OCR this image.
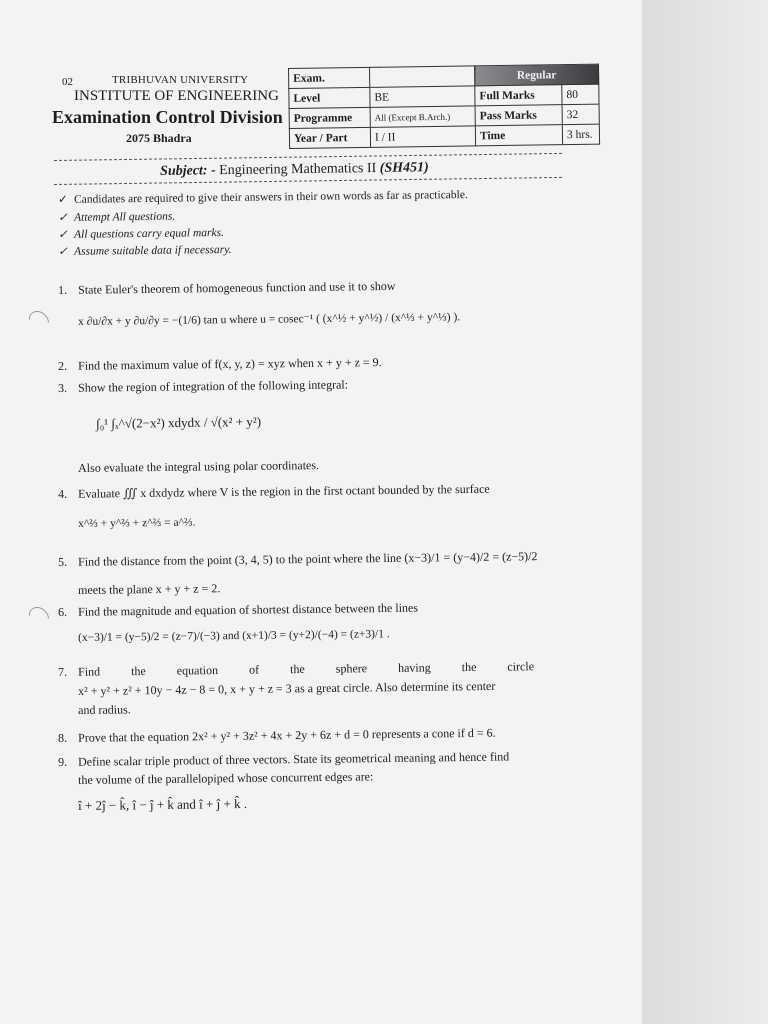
02	TRIBHUVAN UNIVERSITY
INSTITUTE OF ENGINEERING
Examination Control Division
2075 Bhadra
Exam.		Regular	
Level	BE	Full Marks	80
Programme	All (Except B.Arch.)	Pass Marks	32
Year / Part	I / II	Time	3 hrs.
Subject: - Engineering Mathematics II (SH451)
✓ Candidates are required to give their answers in their own words as far as practicable.
✓ Attempt All questions.
✓ All questions carry equal marks.
✓ Assume suitable data if necessary.
1. State Euler's theorem of homogeneous function and use it to show
x ∂u/∂x + y ∂u/∂y = −(1/6) tan u where u = cosec⁻¹ ( (x^½ + y^½) / (x^⅓ + y^⅓) ).
2. Find the maximum value of f(x, y, z) = xyz when x + y + z = 9.
3. Show the region of integration of the following integral:
∫₀¹ ∫ₓ^√(2−x²) xdydx / √(x² + y²)
Also evaluate the integral using polar coordinates.
4. Evaluate ∭ x dxdydz where V is the region in the first octant bounded by the surface
x^⅔ + y^⅔ + z^⅔ = a^⅔.
5. Find the distance from the point (3, 4, 5) to the point where the line (x−3)/1 = (y−4)/2 = (z−5)/2
meets the plane x + y + z = 2.
6. Find the magnitude and equation of shortest distance between the lines
(x−3)/1 = (y−5)/2 = (z−7)/(−3) and (x+1)/3 = (y+2)/(−4) = (z+3)/1 .
7. Find the equation of the sphere having the circle
x² + y² + z² + 10y − 4z − 8 = 0, x + y + z = 3 as a great circle. Also determine its center
and radius.
8. Prove that the equation 2x² + y² + 3z² + 4x + 2y + 6z + d = 0 represents a cone if d = 6.
9. Define scalar triple product of three vectors. State its geometrical meaning and hence find
the volume of the parallelopiped whose concurrent edges are:
î + 2ĵ − k̂, î − ĵ + k̂ and î + ĵ + k̂ .
